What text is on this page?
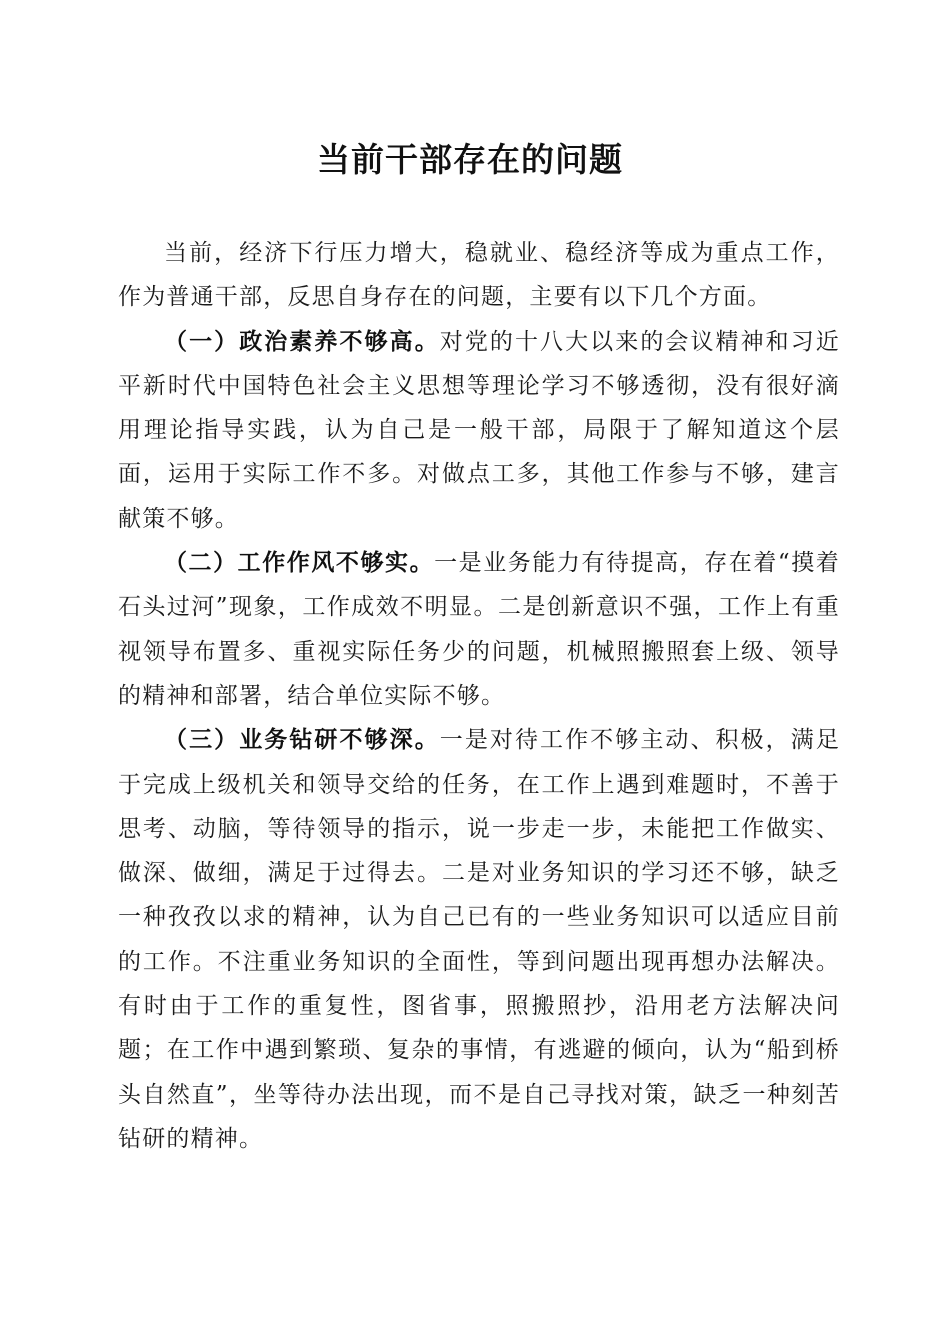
当前干部存在的问题

当前，经济下行压力增大，稳就业、稳经济等成为重点工作，作为普通干部，反思自身存在的问题，主要有以下几个方面。

（一）政治素养不够高。对党的十八大以来的会议精神和习近平新时代中国特色社会主义思想等理论学习不够透彻，没有很好滴用理论指导实践，认为自己是一般干部，局限于了解知道这个层面，运用于实际工作不多。对做点工多，其他工作参与不够，建言献策不够。

（二）工作作风不够实。一是业务能力有待提高，存在着“摸着石头过河”现象，工作成效不明显。二是创新意识不强，工作上有重视领导布置多、重视实际任务少的问题，机械照搬照套上级、领导的精神和部署，结合单位实际不够。

（三）业务钻研不够深。一是对待工作不够主动、积极，满足于完成上级机关和领导交给的任务，在工作上遇到难题时，不善于思考、动脑，等待领导的指示，说一步走一步，未能把工作做实、做深、做细，满足于过得去。二是对业务知识的学习还不够，缺乏一种孜孜以求的精神，认为自己已有的一些业务知识可以适应目前的工作。不注重业务知识的全面性，等到问题出现再想办法解决。有时由于工作的重复性，图省事，照搬照抄，沿用老方法解决问题；在工作中遇到繁琐、复杂的事情，有逃避的倾向，认为“船到桥头自然直”，坐等待办法出现，而不是自己寻找对策，缺乏一种刻苦钻研的精神。
